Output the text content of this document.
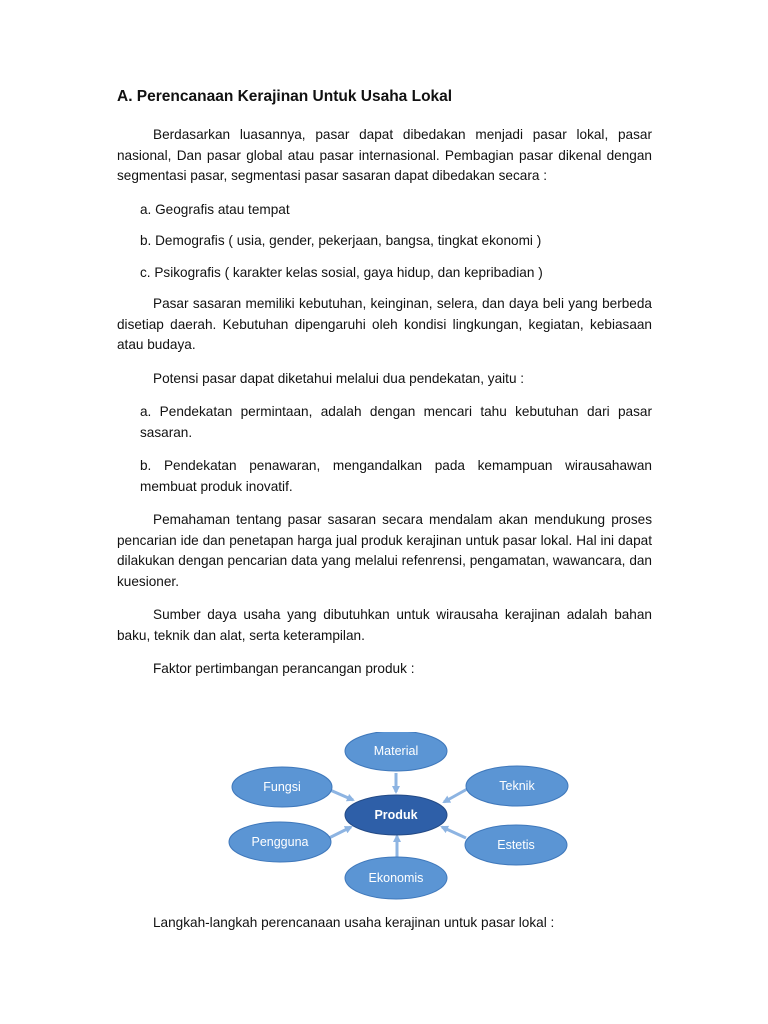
A. Perencanaan Kerajinan Untuk Usaha Lokal

Berdasarkan luasannya, pasar dapat dibedakan menjadi pasar lokal, pasar nasional, Dan pasar global atau pasar internasional. Pembagian pasar dikenal dengan segmentasi pasar, segmentasi pasar sasaran dapat dibedakan secara :

a. Geografis atau tempat

b. Demografis ( usia, gender, pekerjaan, bangsa, tingkat ekonomi )

c. Psikografis ( karakter kelas sosial, gaya hidup, dan kepribadian )

Pasar sasaran memiliki kebutuhan, keinginan, selera, dan daya beli yang berbeda disetiap daerah. Kebutuhan dipengaruhi oleh kondisi lingkungan, kegiatan, kebiasaan atau budaya.

Potensi pasar dapat diketahui melalui dua pendekatan, yaitu :

a. Pendekatan permintaan, adalah dengan mencari tahu kebutuhan dari pasar sasaran.

b. Pendekatan penawaran, mengandalkan pada kemampuan wirausahawan membuat produk inovatif.

Pemahaman tentang pasar sasaran secara mendalam akan mendukung proses pencarian ide dan penetapan harga jual produk kerajinan untuk pasar lokal. Hal ini dapat dilakukan dengan pencarian data yang melalui refenrensi, pengamatan, wawancara, dan kuesioner.

Sumber daya usaha yang dibutuhkan untuk wirausaha kerajinan adalah bahan baku, teknik dan alat, serta keterampilan.

Faktor pertimbangan perancangan produk :

Material
Fungsi	Teknik
Pengguna	Estetis
Ekonomis
Produk

Langkah-langkah perencanaan usaha kerajinan untuk pasar lokal :
